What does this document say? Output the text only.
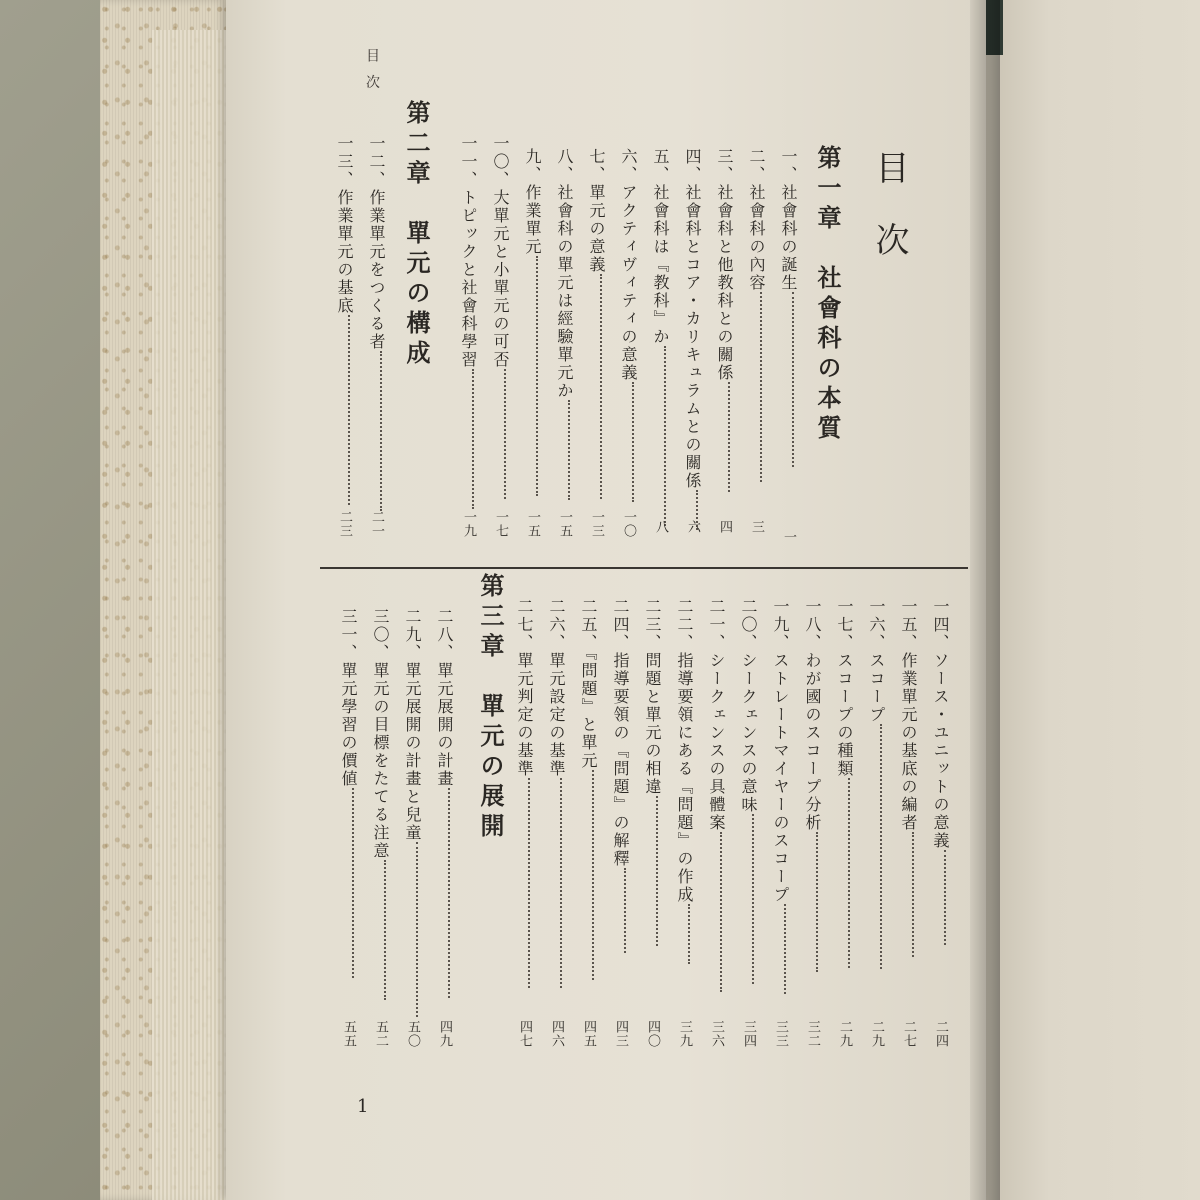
目 次
目次
第一章　社會科の本質
一、社會科の誕生
一
二、社會科の內容
三
三、社會科と他教科との關係
四
四、社會科とコア・カリキュラムとの關係
六
五、社會科は『教科』か
八
六、アクティヴィティの意義
一〇
七、單元の意義
一三
八、社會科の單元は經驗單元か
一五
九、作業單元
一五
一〇、大單元と小單元の可否
一七
一一、トピックと社會科學習
一九
第二章　單元の構成
一二、作業單元をつくる者
二一
一三、作業單元の基底
二三
一四、ソース・ユニットの意義
二四
一五、作業單元の基底の編者
二七
一六、スコープ
二九
一七、スコープの種類
二九
一八、わが國のスコープ分析
三二
一九、ストレートマイヤーのスコープ
三三
二〇、シークェンスの意味
三四
二一、シークェンスの具體案
三六
二二、指導要領にある『問題』の作成
三九
二三、問題と單元の相違
四〇
二四、指導要領の『問題』の解釋
四三
二五、『問題』と單元
四五
二六、單元設定の基準
四六
二七、單元判定の基準
四七
第三章　單元の展開
二八、單元展開の計畫
四九
二九、單元展開の計畫と兒童
五〇
三〇、單元の目標をたてる注意
五二
三一、單元學習の價値
五五
1
